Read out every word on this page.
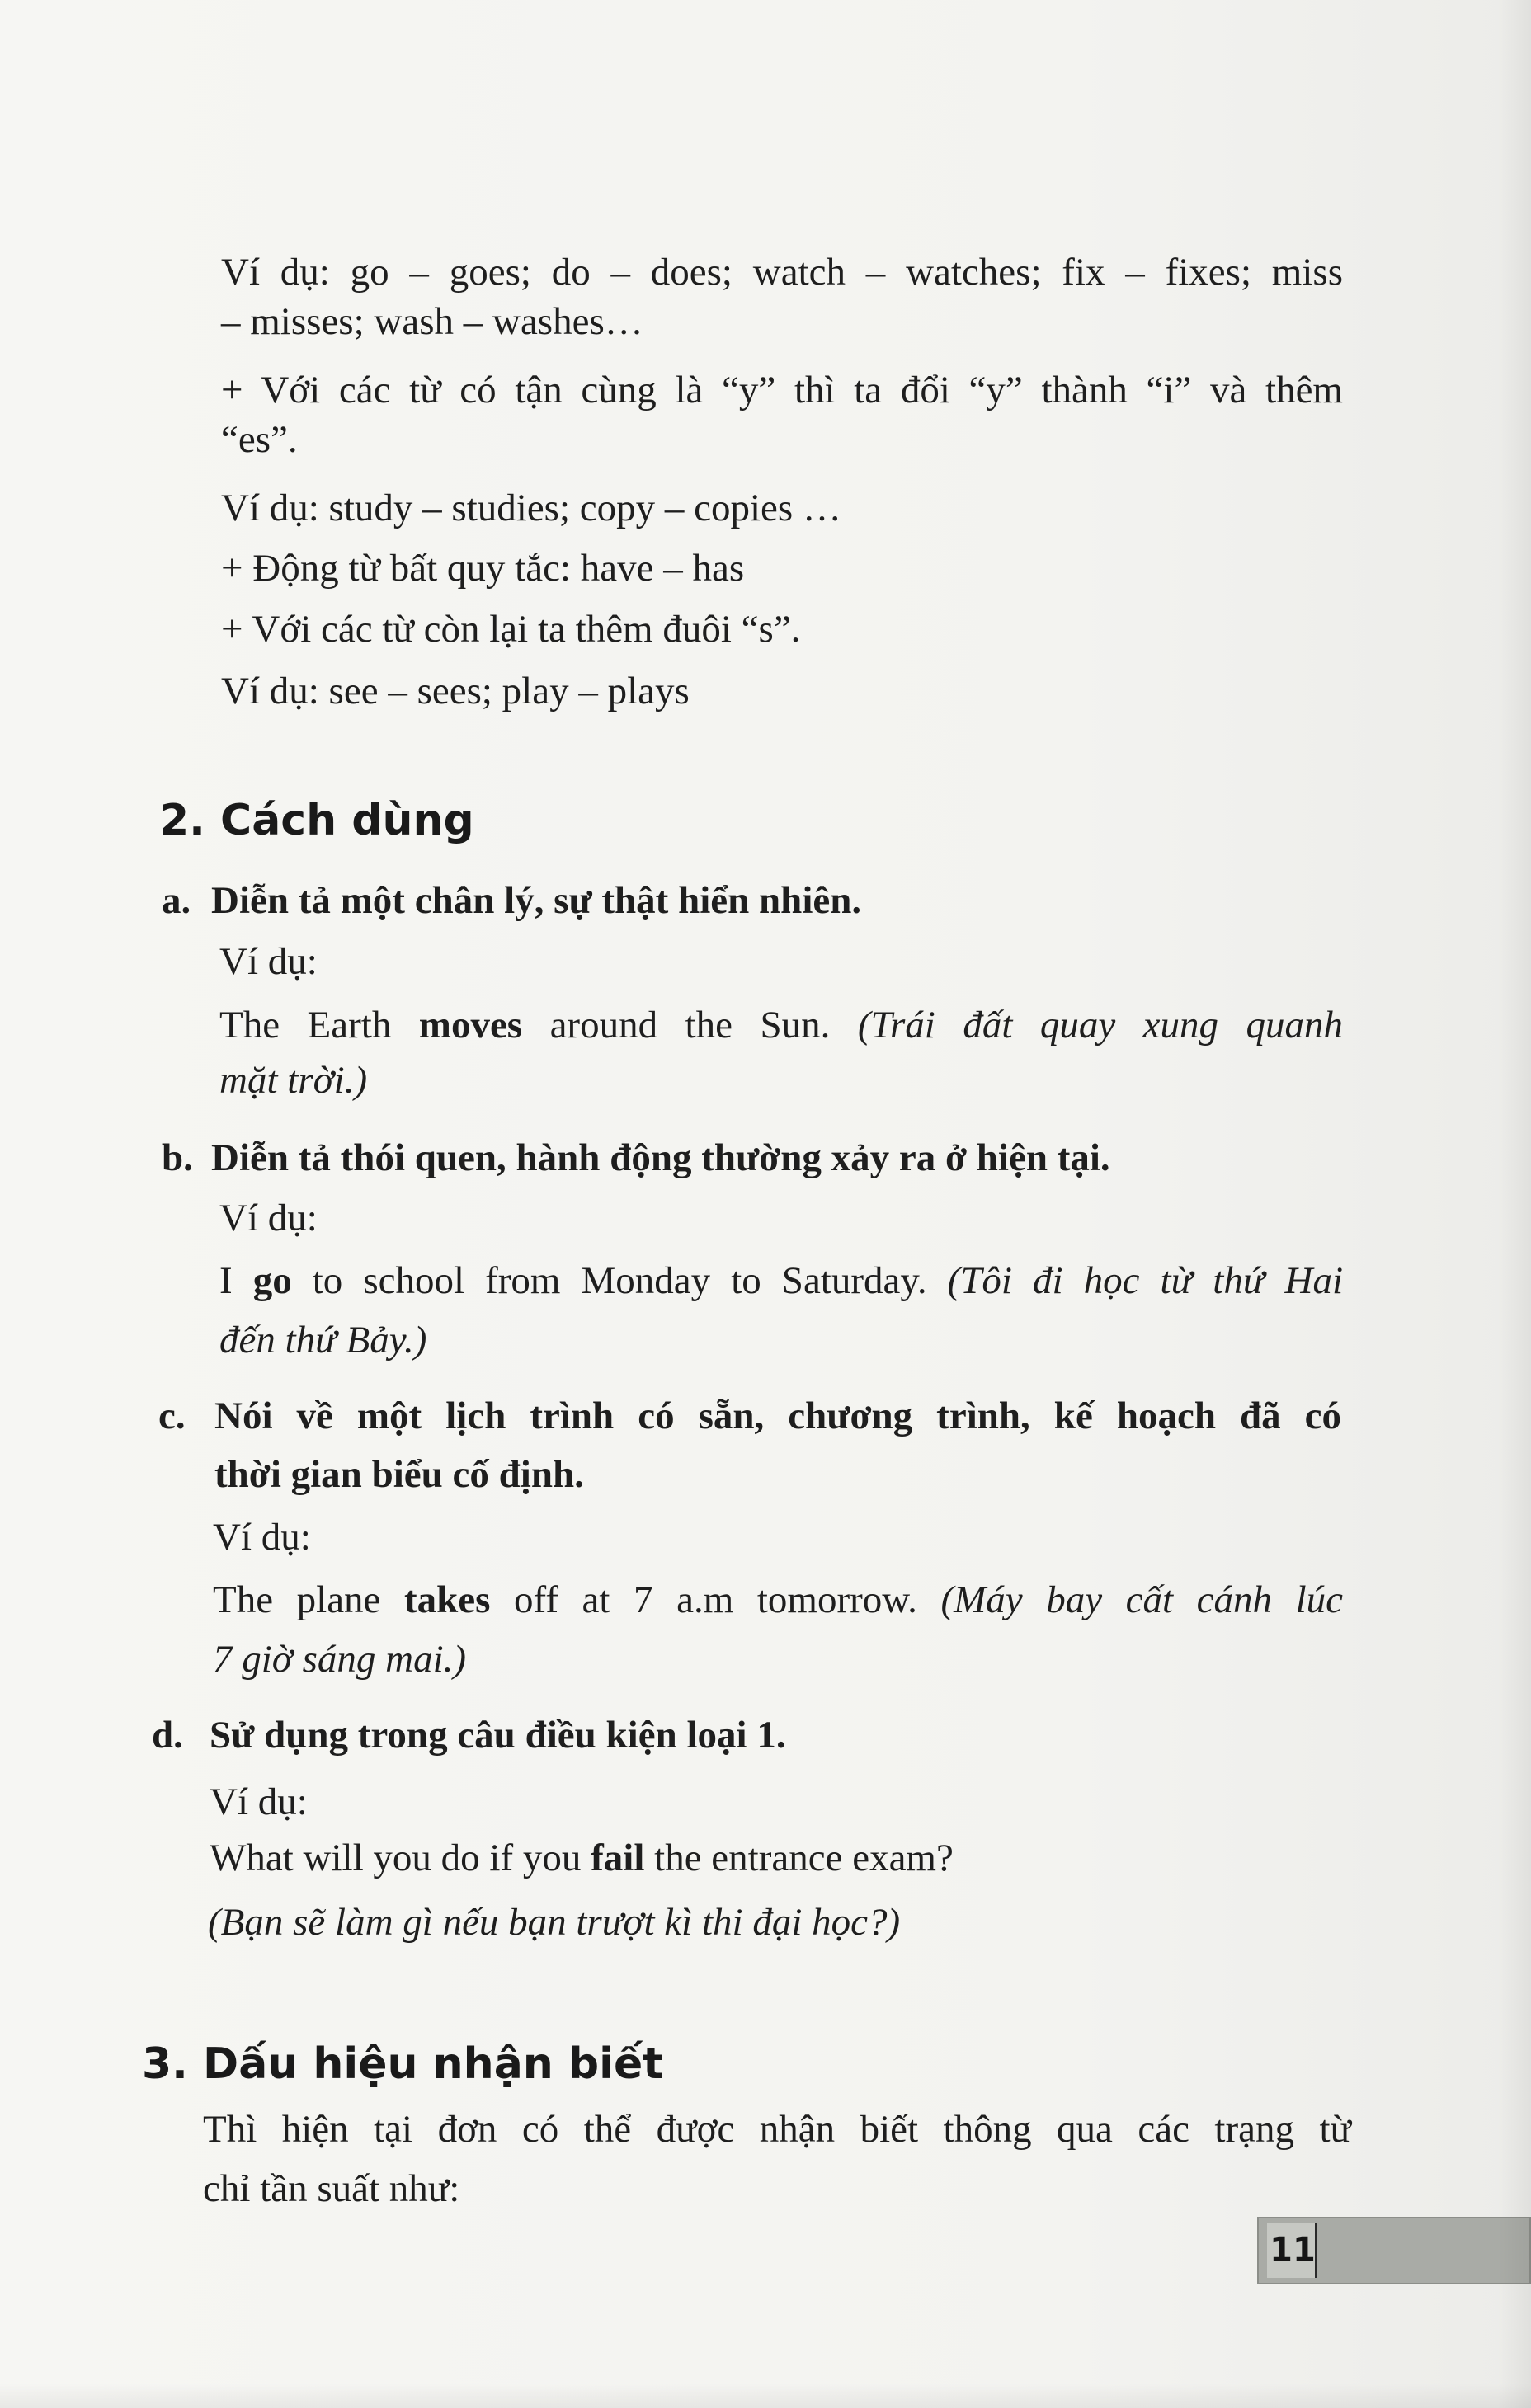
Ví dụ: go – goes; do – does; watch – watches; fix – fixes; miss
– misses; wash – washes…
+ Với các từ có tận cùng là “y” thì ta đổi “y” thành “i” và thêm
“es”.
Ví dụ: study – studies; copy – copies …
+ Động từ bất quy tắc: have – has
+ Với các từ còn lại ta thêm đuôi “s”.
Ví dụ: see – sees; play – plays
2. Cách dùng
a. Diễn tả một chân lý, sự thật hiển nhiên.
Ví dụ:
The Earth moves around the Sun. (Trái đất quay xung quanh
mặt trời.)
b. Diễn tả thói quen, hành động thường xảy ra ở hiện tại.
Ví dụ:
I go to school from Monday to Saturday. (Tôi đi học từ thứ Hai
đến thứ Bảy.)
c. Nói về một lịch trình có sẵn, chương trình, kế hoạch đã có
thời gian biểu cố định.
Ví dụ:
The plane takes off at 7 a.m tomorrow. (Máy bay cất cánh lúc
7 giờ sáng mai.)
d. Sử dụng trong câu điều kiện loại 1.
Ví dụ:
What will you do if you fail the entrance exam?
(Bạn sẽ làm gì nếu bạn trượt kì thi đại học?)
3. Dấu hiệu nhận biết
Thì hiện tại đơn có thể được nhận biết thông qua các trạng từ
chỉ tần suất như:
11
